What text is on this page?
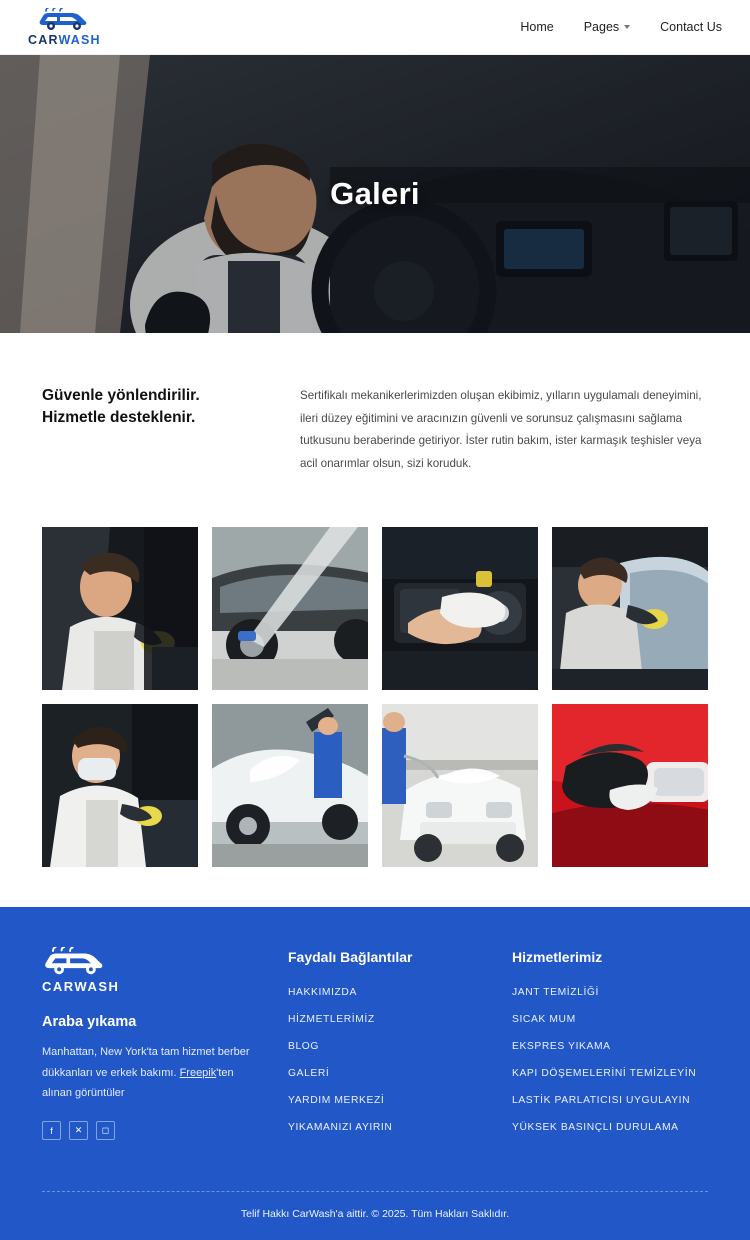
CARWASH
Home Pages	Contact Us
Galeri
Güvenle yönlendirilir.
Hizmetle desteklenir.
Sertifikalı mekanikerlerimizden oluşan ekibimiz, yılların uygulamalı deneyimini, ileri düzey eğitimini ve aracınızın güvenli ve sorunsuz çalışmasını sağlama tutkusunu beraberinde getiriyor. İster rutin bakım, ister karmaşık teşhisler veya acil onarımlar olsun, sizi koruduk.
CARWASH
Araba yıkama
Manhattan, New York'ta tam hizmet berber dükkanları ve erkek bakımı. Freepik'ten alınan görüntüler
f ✕ ◻
Faydalı Bağlantılar
HAKKIMIZDA
HİZMETLERİMİZ
BLOG
GALERİ
YARDIM MERKEZİ
YIKAMANIZI AYIRIN
Hizmetlerimiz
JANT TEMİZLİĞİ
SICAK MUM
EKSPRES YIKAMA
KAPI DÖŞEMELERİNİ TEMİZLEYİN
LASTİK PARLATICISI UYGULAYIN
YÜKSEK BASINÇLI DURULAMA
Telif Hakkı CarWash'a aittir. © 2025. Tüm Hakları Saklıdır.
